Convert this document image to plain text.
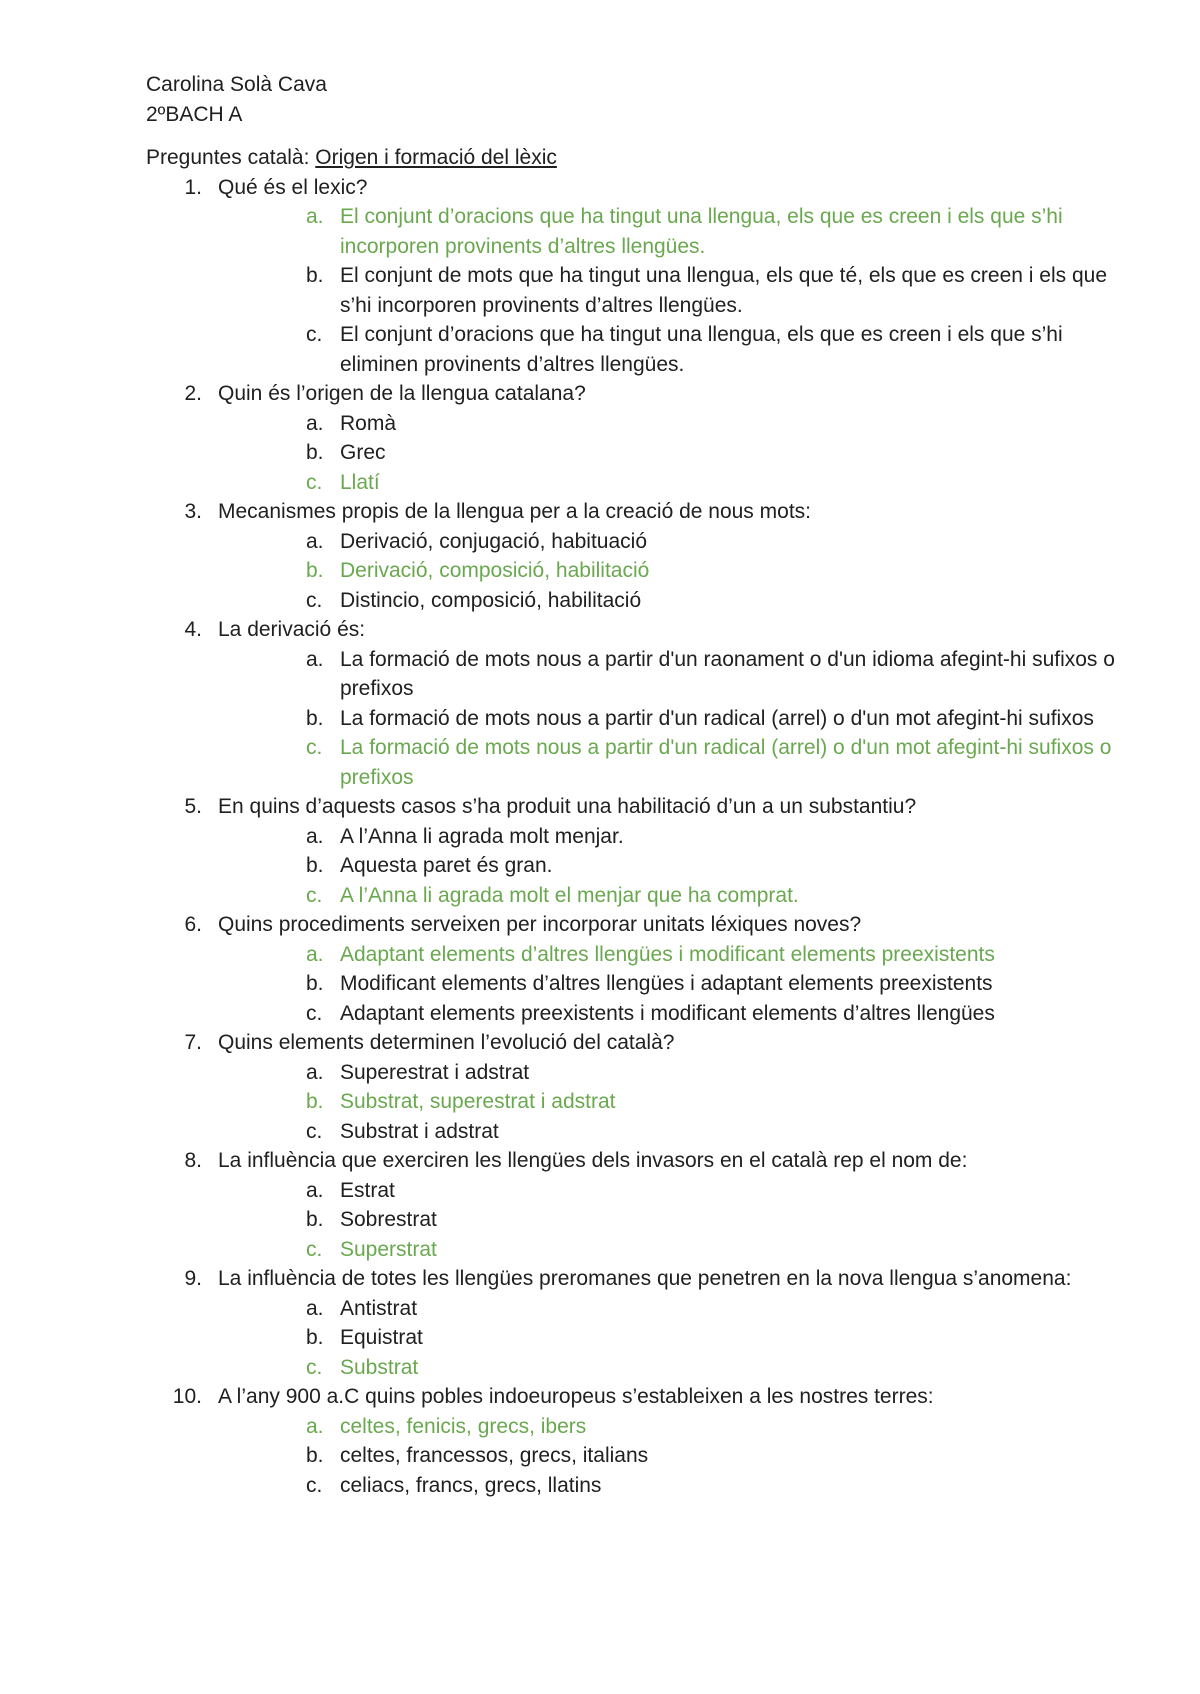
Carolina Solà Cava
2ºBACH A
Preguntes català: Origen i formació del lèxic
1. Qué és el lexic?
a. El conjunt d’oracions que ha tingut una llengua, els que es creen i els que s’hi incorporen provinents d’altres llengües.
b. El conjunt de mots que ha tingut una llengua, els que té, els que es creen i els que s’hi incorporen provinents d’altres llengües.
c. El conjunt d’oracions que ha tingut una llengua, els que es creen i els que s’hi eliminen provinents d’altres llengües.
2. Quin és l’origen de la llengua catalana?
a. Romà
b. Grec
c. Llatí
3. Mecanismes propis de la llengua per a la creació de nous mots:
a. Derivació, conjugació, habituació
b. Derivació, composició, habilitació
c. Distincio, composició, habilitació
4. La derivació és:
a. La formació de mots nous a partir d'un raonament o d'un idioma afegint-hi sufixos o prefixos
b. La formació de mots nous a partir d'un radical (arrel) o d'un mot afegint-hi sufixos
c. La formació de mots nous a partir d'un radical (arrel) o d'un mot afegint-hi sufixos o prefixos
5. En quins d’aquests casos s’ha produit una habilitació d’un a un substantiu?
a. A l’Anna li agrada molt menjar.
b. Aquesta paret és gran.
c. A l’Anna li agrada molt el menjar que ha comprat.
6. Quins procediments serveixen per incorporar unitats léxiques noves?
a. Adaptant elements d’altres llengües i modificant elements preexistents
b. Modificant elements d’altres llengües i adaptant elements preexistents
c. Adaptant elements preexistents i modificant elements d’altres llengües
7. Quins elements determinen l’evolució del català?
a. Superestrat i adstrat
b. Substrat, superestrat i adstrat
c. Substrat i adstrat
8. La influència que exerciren les llengües dels invasors en el català rep el nom de:
a. Estrat
b. Sobrestrat
c. Superstrat
9. La influència de totes les llengües preromanes que penetren en la nova llengua s’anomena:
a. Antistrat
b. Equistrat
c. Substrat
10. A l’any 900 a.C quins pobles indoeuropeus s’estableixen a les nostres terres:
a. celtes, fenicis, grecs, ibers
b. celtes, francessos, grecs, italians
c. celiacs, francs, grecs, llatins
